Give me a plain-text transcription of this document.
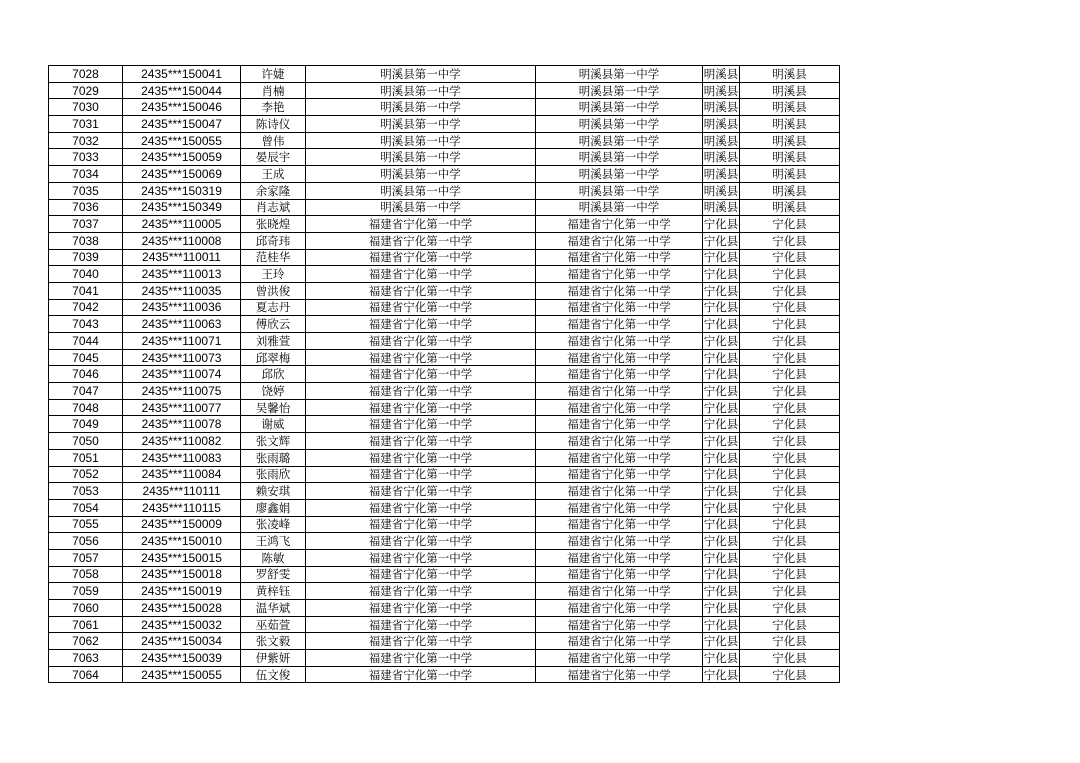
7028	2435***150041	许婕	明溪县第一中学	明溪县第一中学	明溪县	明溪县
7029	2435***150044	肖楠	明溪县第一中学	明溪县第一中学	明溪县	明溪县
7030	2435***150046	李艳	明溪县第一中学	明溪县第一中学	明溪县	明溪县
7031	2435***150047	陈诗仪	明溪县第一中学	明溪县第一中学	明溪县	明溪县
7032	2435***150055	曾伟	明溪县第一中学	明溪县第一中学	明溪县	明溪县
7033	2435***150059	晏辰宇	明溪县第一中学	明溪县第一中学	明溪县	明溪县
7034	2435***150069	王成	明溪县第一中学	明溪县第一中学	明溪县	明溪县
7035	2435***150319	余家隆	明溪县第一中学	明溪县第一中学	明溪县	明溪县
7036	2435***150349	肖志斌	明溪县第一中学	明溪县第一中学	明溪县	明溪县
7037	2435***110005	张晓煌	福建省宁化第一中学	福建省宁化第一中学	宁化县	宁化县
7038	2435***110008	邱奇玮	福建省宁化第一中学	福建省宁化第一中学	宁化县	宁化县
7039	2435***110011	范桂华	福建省宁化第一中学	福建省宁化第一中学	宁化县	宁化县
7040	2435***110013	王玲	福建省宁化第一中学	福建省宁化第一中学	宁化县	宁化县
7041	2435***110035	曾洪俊	福建省宁化第一中学	福建省宁化第一中学	宁化县	宁化县
7042	2435***110036	夏志丹	福建省宁化第一中学	福建省宁化第一中学	宁化县	宁化县
7043	2435***110063	傅欣云	福建省宁化第一中学	福建省宁化第一中学	宁化县	宁化县
7044	2435***110071	刘雅萱	福建省宁化第一中学	福建省宁化第一中学	宁化县	宁化县
7045	2435***110073	邱翠梅	福建省宁化第一中学	福建省宁化第一中学	宁化县	宁化县
7046	2435***110074	邱欣	福建省宁化第一中学	福建省宁化第一中学	宁化县	宁化县
7047	2435***110075	饶婷	福建省宁化第一中学	福建省宁化第一中学	宁化县	宁化县
7048	2435***110077	吴馨怡	福建省宁化第一中学	福建省宁化第一中学	宁化县	宁化县
7049	2435***110078	谢威	福建省宁化第一中学	福建省宁化第一中学	宁化县	宁化县
7050	2435***110082	张文辉	福建省宁化第一中学	福建省宁化第一中学	宁化县	宁化县
7051	2435***110083	张雨璐	福建省宁化第一中学	福建省宁化第一中学	宁化县	宁化县
7052	2435***110084	张雨欣	福建省宁化第一中学	福建省宁化第一中学	宁化县	宁化县
7053	2435***110111	赖安琪	福建省宁化第一中学	福建省宁化第一中学	宁化县	宁化县
7054	2435***110115	廖鑫娟	福建省宁化第一中学	福建省宁化第一中学	宁化县	宁化县
7055	2435***150009	张凌峰	福建省宁化第一中学	福建省宁化第一中学	宁化县	宁化县
7056	2435***150010	王鸿飞	福建省宁化第一中学	福建省宁化第一中学	宁化县	宁化县
7057	2435***150015	陈敏	福建省宁化第一中学	福建省宁化第一中学	宁化县	宁化县
7058	2435***150018	罗舒雯	福建省宁化第一中学	福建省宁化第一中学	宁化县	宁化县
7059	2435***150019	黄梓钰	福建省宁化第一中学	福建省宁化第一中学	宁化县	宁化县
7060	2435***150028	温华斌	福建省宁化第一中学	福建省宁化第一中学	宁化县	宁化县
7061	2435***150032	巫茹萱	福建省宁化第一中学	福建省宁化第一中学	宁化县	宁化县
7062	2435***150034	张文毅	福建省宁化第一中学	福建省宁化第一中学	宁化县	宁化县
7063	2435***150039	伊紫妍	福建省宁化第一中学	福建省宁化第一中学	宁化县	宁化县
7064	2435***150055	伍文俊	福建省宁化第一中学	福建省宁化第一中学	宁化县	宁化县
